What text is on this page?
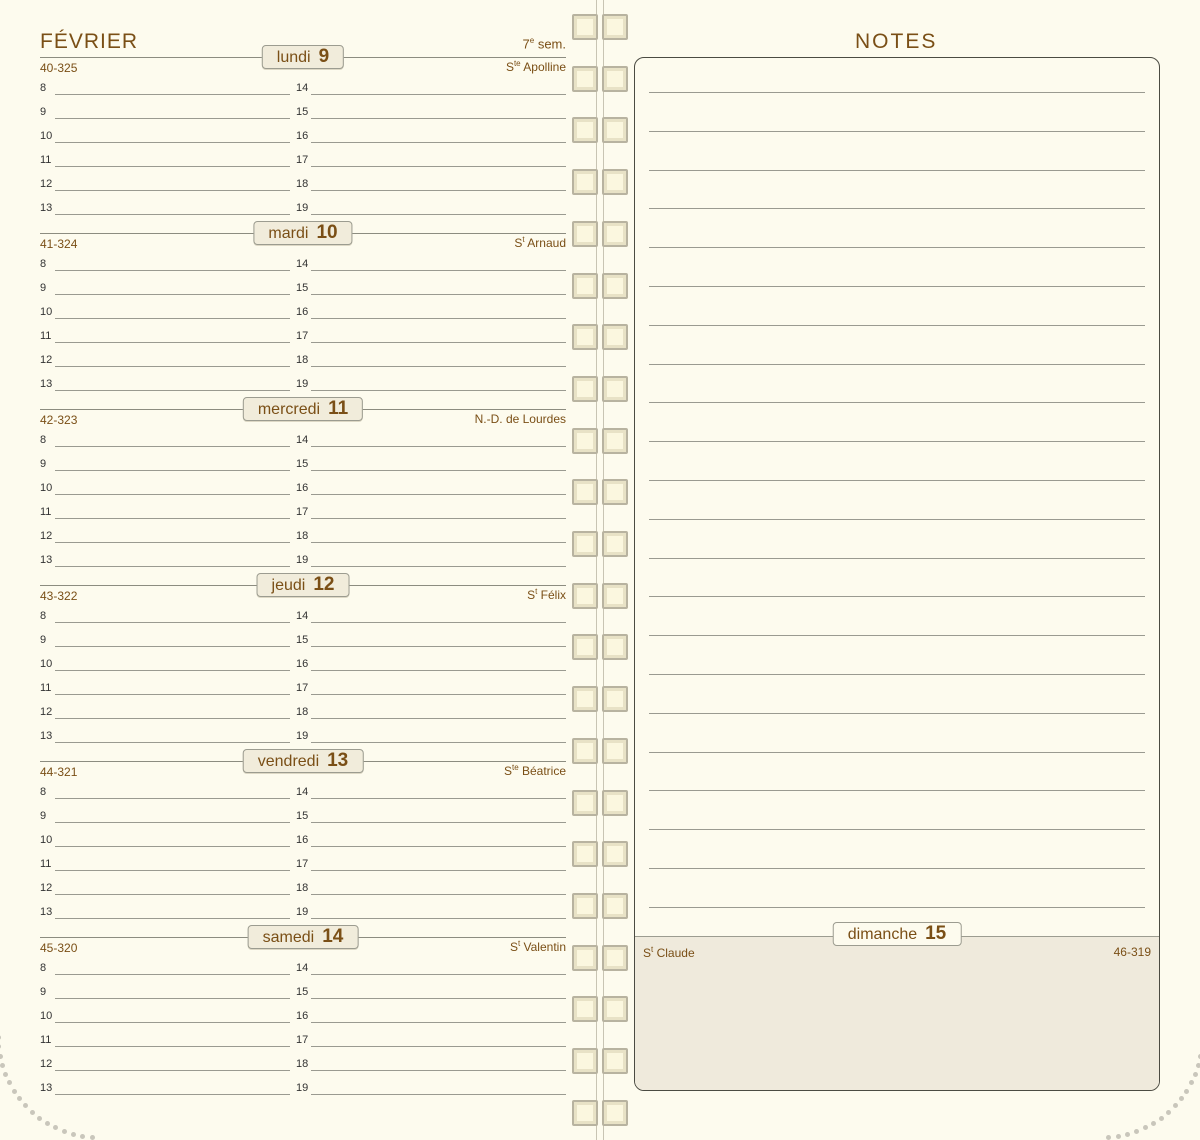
FÉVRIER	7e sem.	NOTES
lundi 9
40-325	$S^{te}$ Apolline
8	14
9	15
10	16
11	17
12	18
13	19
mardi 10
41-324	$S^t$ Arnaud
8	14
9	15
10	16
11	17
12	18
13	19
mercredi 11
42-323	N.-D. de Lourdes
8	14
9	15
10	16
11	17
12	18
13	19
jeudi 12
43-322	$S^t$ Félix
8	14
9	15
10	16
11	17
12	18
13	19
vendredi 13
44-321	$S^{te}$ Béatrice
8	14
9	15
10	16
11	17
12	18
13	19
samedi 14
45-320	$S^t$ Valentin
8	14
9	15
10	16
11	17
12	18
13	19
$S^t$ Claude	46-319
dimanche 15
